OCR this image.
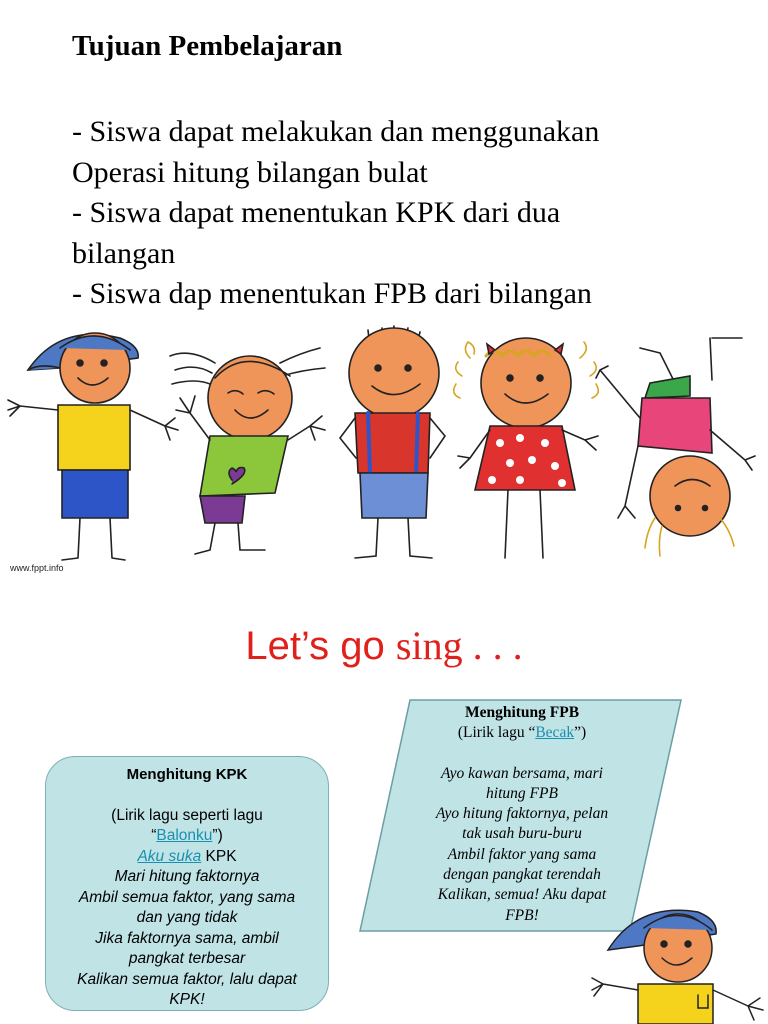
Tujuan Pembelajaran
- Siswa dapat melakukan dan menggunakan
Operasi hitung bilangan bulat
- Siswa dapat menentukan KPK dari dua
bilangan
- Siswa dap menentukan FPB dari bilangan
www.fppt.info
Let’s go sing . . .
Menghitung KPK
(Lirik lagu seperti lagu
“Balonku”)
Aku suka KPK
Mari hitung faktornya
Ambil semua faktor, yang sama
dan yang tidak
Jika faktornya sama, ambil
pangkat terbesar
Kalikan semua faktor, lalu dapat
KPK!
Menghitung FPB
(Lirik lagu “Becak”)
Ayo kawan bersama, mari
hitung FPB
Ayo hitung faktornya, pelan
tak usah buru-buru
Ambil faktor yang sama
dengan pangkat terendah
Kalikan, semua! Aku dapat
FPB!
